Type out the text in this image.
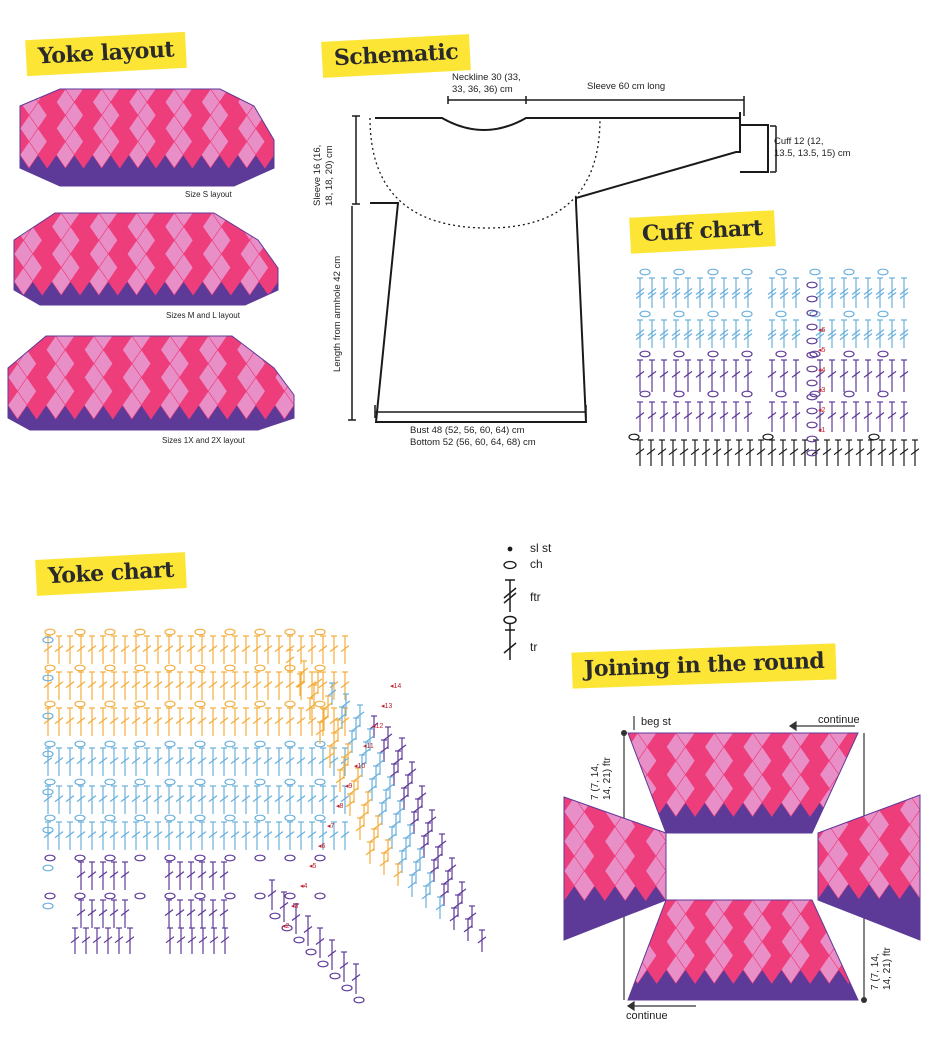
Yoke layout	Schematic
Cuff chart
Yoke chart
Joining in the round
Size S layout
Sizes M and L layout
Sizes 1X and 2X layout
Neckline 30 (33,
33, 36, 36) cm	Sleeve 60 cm long
Cuff 12 (12,
13.5, 13.5, 15) cm
Sleeve 16 (16,
18, 18, 20) cm
Length from armhole 42 cm
Bust 48 (52, 56, 60, 64) cm
Bottom 52 (56, 60, 64, 68) cm
◂1
◂2
◂3
◂4
◂5
◂6
◂2
◂3
◂4
◂5
◂6
◂7
◂8
◂9
◂10
◂11
◂12
◂13
◂14
sl st
ch
ftr
tr
beg st	continue
continue
7 (7, 14,
14, 21) ftr
7 (7, 14,
14, 21) ftr
